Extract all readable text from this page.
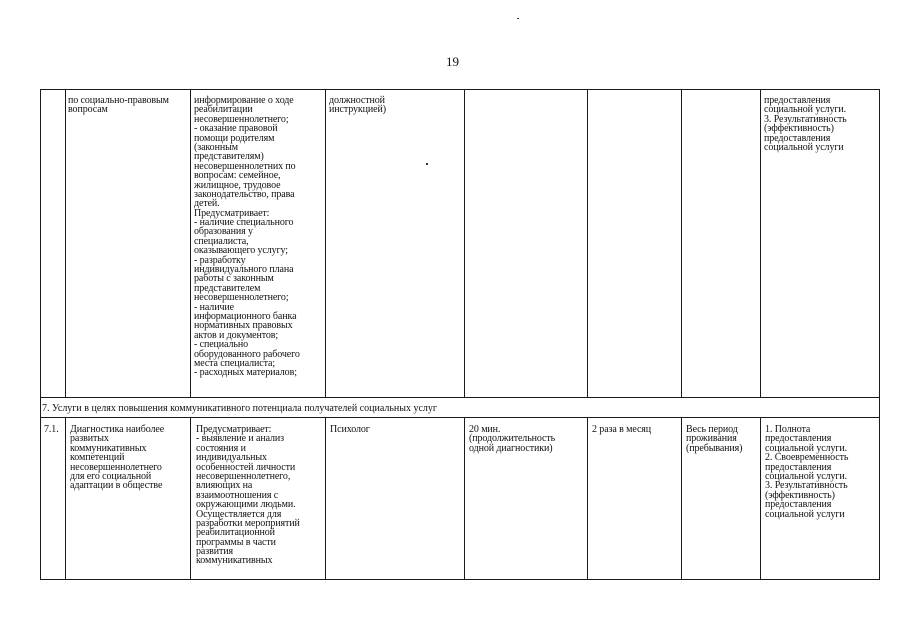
19
по социально-правовым
вопросам
информирование о ходе
реабилитации
несовершеннолетнего;
- оказание правовой
помощи родителям
(законным
представителям)
несовершеннолетних по
вопросам: семейное,
жилищное, трудовое
законодательство, права
детей.
Предусматривает:
- наличие специального
образования у
специалиста,
оказывающего услугу;
- разработку
индивидуального плана
работы с законным
представителем
несовершеннолетнего;
- наличие
информационного банка
нормативных правовых
актов и документов;
- специально
оборудованного рабочего
места специалиста;
- расходных материалов;
должностной
инструкцией)
предоставления
социальной услуги.
3. Результативность
(эффективность)
предоставления
социальной услуги
7. Услуги в целях повышения коммуникативного потенциала получателей социальных услуг
7.1. Диагностика наиболее
развитых
коммуникативных
компетенций
несовершеннолетнего
для его социальной
адаптации в обществе
Предусматривает:
- выявление и анализ
состояния и
индивидуальных
особенностей личности
несовершеннолетнего,
влияющих на
взаимоотношения с
окружающими людьми.
Осуществляется для
разработки мероприятий
реабилитационной
программы в части
развития
коммуникативных
Психолог	20 мин.
(продолжительность
одной диагностики)
2 раза в месяц	Весь период
проживания
(пребывания)
1. Полнота
предоставления
социальной услуги.
2. Своевременность
предоставления
социальной услуги.
3. Результативность
(эффективность)
предоставления
социальной услуги
